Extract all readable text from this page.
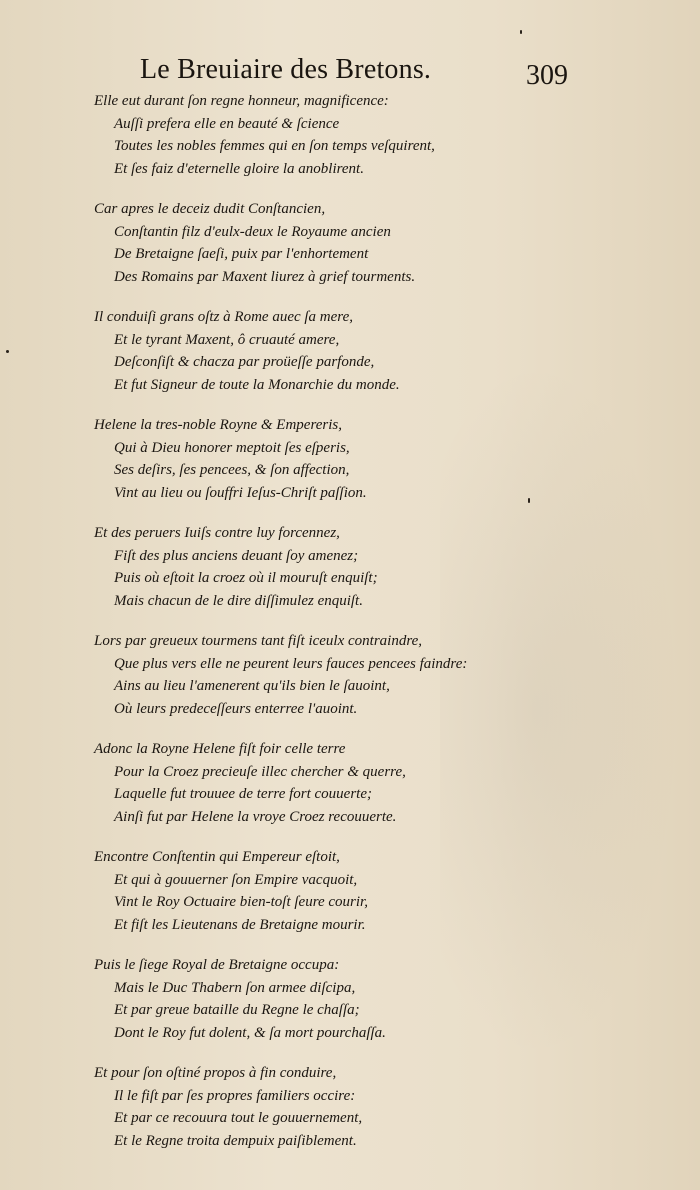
Le Breuiaire des Bretons.	309
Elle eut durant ſon regne honneur, magnificence:
Auſſi prefera elle en beauté & ſcience
Toutes les nobles femmes qui en ſon temps veſquirent,
Et ſes faiz d'eternelle gloire la anoblirent.
Car apres le deceiz dudit Conſtancien,
Conſtantin filz d'eulx-deux le Royaume ancien
De Bretaigne ſaeſi, puix par l'enhortement
Des Romains par Maxent liurez à grief tourments.
Il conduiſi grans oſtz à Rome auec ſa mere,
Et le tyrant Maxent, ô cruauté amere,
Deſconſiſt & chacza par proüeſſe parfonde,
Et fut Signeur de toute la Monarchie du monde.
Helene la tres-noble Royne & Empereris,
Qui à Dieu honorer meptoit ſes eſperis,
Ses deſirs, ſes pencees, & ſon affection,
Vint au lieu ou ſouffri Ieſus-Chriſt paſſion.
Et des peruers Iuiſs contre luy forcennez,
Fiſt des plus anciens deuant ſoy amenez;
Puis où eſtoit la croez où il mouruſt enquiſt;
Mais chacun de le dire diſſimulez enquiſt.
Lors par greueux tourmens tant fiſt iceulx contraindre,
Que plus vers elle ne peurent leurs fauces pencees faindre:
Ains au lieu l'amenerent qu'ils bien le ſauoint,
Où leurs predeceſſeurs enterree l'auoint.
Adonc la Royne Helene fiſt foir celle terre
Pour la Croez precieuſe illec chercher & querre,
Laquelle fut trouuee de terre fort couuerte;
Ainſi fut par Helene la vroye Croez recouuerte.
Encontre Conſtentin qui Empereur eſtoit,
Et qui à gouuerner ſon Empire vacquoit,
Vint le Roy Octuaire bien-toſt ſeure courir,
Et fiſt les Lieutenans de Bretaigne mourir.
Puis le ſiege Royal de Bretaigne occupa:
Mais le Duc Thabern ſon armee diſcipa,
Et par greue bataille du Regne le chaſſa;
Dont le Roy fut dolent, & ſa mort pourchaſſa.
Et pour ſon oſtiné propos à fin conduire,
Il le fiſt par ſes propres familiers occire:
Et par ce recouura tout le gouuernement,
Et le Regne troita dempuix paiſiblement.
